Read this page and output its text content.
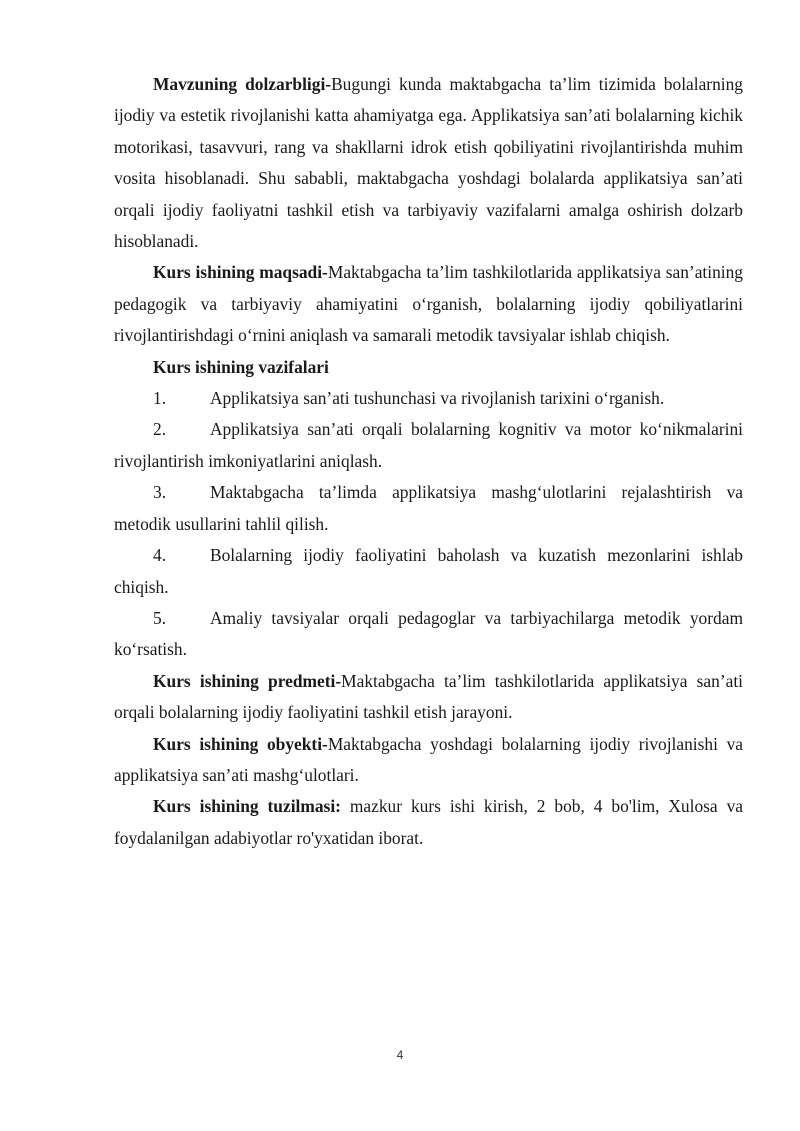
Mavzuning dolzarbligi-Bugungi kunda maktabgacha ta’lim tizimida bolalarning ijodiy va estetik rivojlanishi katta ahamiyatga ega. Applikatsiya san’ati bolalarning kichik motorikasi, tasavvuri, rang va shakllarni idrok etish qobiliyatini rivojlantirishda muhim vosita hisoblanadi. Shu sababli, maktabgacha yoshdagi bolalarda applikatsiya san’ati orqali ijodiy faoliyatni tashkil etish va tarbiyaviy vazifalarni amalga oshirish dolzarb hisoblanadi.

Kurs ishining maqsadi-Maktabgacha ta’lim tashkilotlarida applikatsiya san’atining pedagogik va tarbiyaviy ahamiyatini o‘rganish, bolalarning ijodiy qobiliyatlarini rivojlantirishdagi o‘rnini aniqlash va samarali metodik tavsiyalar ishlab chiqish.

Kurs ishining vazifalari

1.	Applikatsiya san’ati tushunchasi va rivojlanish tarixini o‘rganish.

2.	Applikatsiya san’ati orqali bolalarning kognitiv va motor ko‘nikmalarini rivojlantirish imkoniyatlarini aniqlash.

3.	Maktabgacha ta’limda applikatsiya mashg‘ulotlarini rejalashtirish va metodik usullarini tahlil qilish.

4.	Bolalarning ijodiy faoliyatini baholash va kuzatish mezonlarini ishlab chiqish.

5.	Amaliy tavsiyalar orqali pedagoglar va tarbiyachilarga metodik yordam ko‘rsatish.

Kurs ishining predmeti-Maktabgacha ta’lim tashkilotlarida applikatsiya san’ati orqali bolalarning ijodiy faoliyatini tashkil etish jarayoni.

Kurs ishining obyekti-Maktabgacha yoshdagi bolalarning ijodiy rivojlanishi va applikatsiya san’ati mashg‘ulotlari.

Kurs ishining tuzilmasi: mazkur kurs ishi kirish, 2 bob, 4 bo'lim, Xulosa va foydalanilgan adabiyotlar ro'yxatidan iborat.

4
